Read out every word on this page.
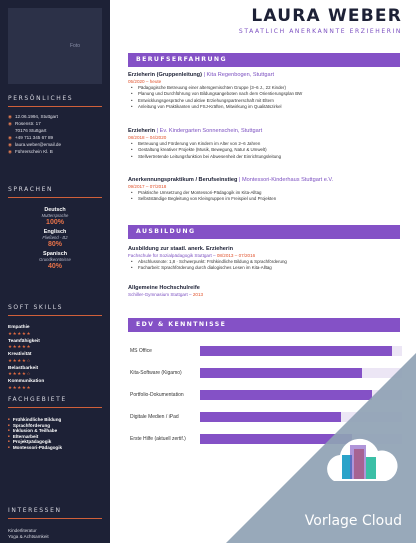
Foto
PERSÖNLICHES
◉ 12.06.1994, Stuttgart
◉ Rosenstr. 17
70176 Stuttgart
◉ +49 711 345 67 89
◉ laura.weber@email.de
◉ Führerschein Kl. B
SPRACHEN
Deutsch
Muttersprache
100%
Englisch
Fließend - B2
80%
Spanisch
Grundkenntnisse
40%
SOFT SKILLS
Empathie
★★★★★
Teamfähigkeit
★★★★★
Kreativität
★★★★☆
Belastbarkeit
★★★★☆
Kommunikation
★★★★★
FACHGEBIETE
■ Frühkindliche Bildung
■ Sprachförderung
■ Inklusion & Teilhabe
■ Elternarbeit
■ Projektpädagogik
■ Montessori-Pädagogik
INTERESSEN
Kinderliteratur
Yoga & Achtsamkeit
LAURA WEBER
STAATLICH ANERKANNTE ERZIEHERIN
BERUFSERFAHRUNG
Erzieherin (Gruppenleitung) | Kita Regenbogen, Stuttgart
05/2020 – heute
• Pädagogische Betreuung einer altersgemischten Gruppe (3–6 J., 22 Kinder)
• Planung und Durchführung von Bildungsangeboten nach dem Orientierungsplan BW
• Entwicklungsgespräche und aktive Erziehungspartnerschaft mit Eltern
• Anleitung von Praktikanten und FSJ-Kräften, Mitwirkung im Qualitätszirkel
Erzieherin | Ev. Kindergarten Sonnenschein, Stuttgart
08/2018 – 04/2020
• Betreuung und Förderung von Kindern im Alter von 2–6 Jahren
• Gestaltung kreativer Projekte (Musik, Bewegung, Natur & Umwelt)
• Stellvertretende Leitungsfunktion bei Abwesenheit der Einrichtungsleitung
Anerkennungspraktikum / Berufseinstieg | Montessori-Kinderhaus Stuttgart e.V.
09/2017 – 07/2018
• Praktische Umsetzung der Montessori-Pädagogik im Kita-Alltag
• Selbstständige Begleitung von Kleingruppen im Freispiel und Projekten
AUSBILDUNG
Ausbildung zur staatl. anerk. Erzieherin
Fachschule für Sozialpädagogik Stuttgart – 08/2013 – 07/2016
• Abschlussnote: 1,8 · Schwerpunkt: Frühkindliche Bildung & Sprachförderung
• Facharbeit: Sprachförderung durch dialogisches Lesen im Kita-Alltag
Allgemeine Hochschulreife
Schiller-Gymnasium Stuttgart – 2013
EDV & KENNTNISSE
MS Office
Kita-Software (Kigamo)
Portfolio-Dokumentation
Digitale Medien / iPad
Erste Hilfe (aktuell zertif.)
Vorlage Cloud
